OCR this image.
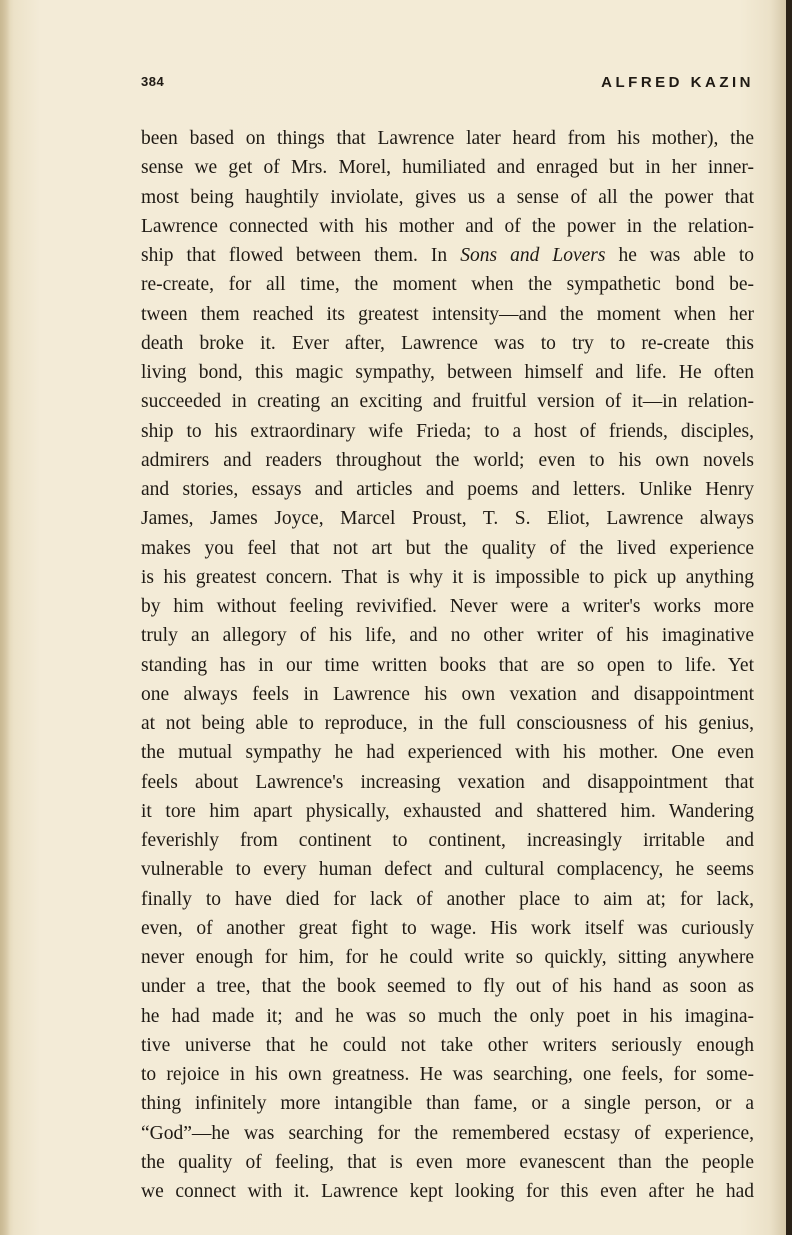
384	ALFRED KAZIN
been based on things that Lawrence later heard from his mother), the
sense we get of Mrs. Morel, humiliated and enraged but in her inner-
most being haughtily inviolate, gives us a sense of all the power that
Lawrence connected with his mother and of the power in the relation-
ship that flowed between them. In Sons and Lovers he was able to
re-create, for all time, the moment when the sympathetic bond be-
tween them reached its greatest intensity—and the moment when her
death broke it. Ever after, Lawrence was to try to re-create this
living bond, this magic sympathy, between himself and life. He often
succeeded in creating an exciting and fruitful version of it—in relation-
ship to his extraordinary wife Frieda; to a host of friends, disciples,
admirers and readers throughout the world; even to his own novels
and stories, essays and articles and poems and letters. Unlike Henry
James, James Joyce, Marcel Proust, T. S. Eliot, Lawrence always
makes you feel that not art but the quality of the lived experience
is his greatest concern. That is why it is impossible to pick up anything
by him without feeling revivified. Never were a writer's works more
truly an allegory of his life, and no other writer of his imaginative
standing has in our time written books that are so open to life. Yet
one always feels in Lawrence his own vexation and disappointment
at not being able to reproduce, in the full consciousness of his genius,
the mutual sympathy he had experienced with his mother. One even
feels about Lawrence's increasing vexation and disappointment that
it tore him apart physically, exhausted and shattered him. Wandering
feverishly from continent to continent, increasingly irritable and
vulnerable to every human defect and cultural complacency, he seems
finally to have died for lack of another place to aim at; for lack,
even, of another great fight to wage. His work itself was curiously
never enough for him, for he could write so quickly, sitting anywhere
under a tree, that the book seemed to fly out of his hand as soon as
he had made it; and he was so much the only poet in his imagina-
tive universe that he could not take other writers seriously enough
to rejoice in his own greatness. He was searching, one feels, for some-
thing infinitely more intangible than fame, or a single person, or a
“God”—he was searching for the remembered ecstasy of experience,
the quality of feeling, that is even more evanescent than the people
we connect with it. Lawrence kept looking for this even after he had
